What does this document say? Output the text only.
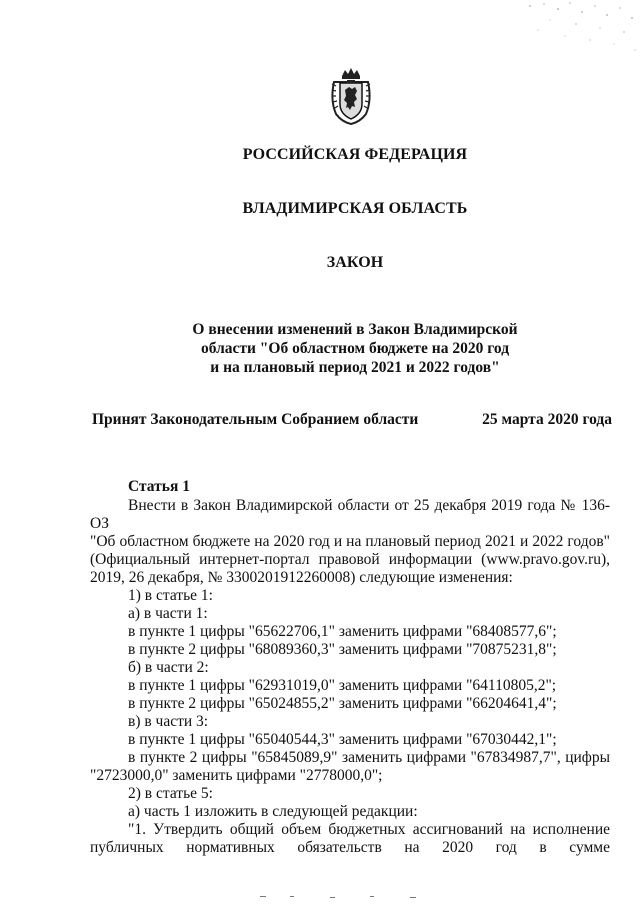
РОССИЙСКАЯ ФЕДЕРАЦИЯ
ВЛАДИМИРСКАЯ ОБЛАСТЬ
ЗАКОН
О внесении изменений в Закон Владимирской
области "Об областном бюджете на 2020 год
и на плановый период 2021 и 2022 годов"
Принят Законодательным Собранием области	25 марта 2020 года
Статья 1

Внести в Закон Владимирской области от 25 декабря 2019 года № 136-ОЗ

"Об областном бюджете на 2020 год и на плановый период 2021 и 2022 годов"

(Официальный интернет-портал правовой информации (www.pravo.gov.ru),

2019, 26 декабря, № 3300201912260008) следующие изменения:

1) в статье 1:

а) в части 1:

в пункте 1 цифры "65622706,1" заменить цифрами "68408577,6";

в пункте 2 цифры "68089360,3" заменить цифрами "70875231,8";

б) в части 2:

в пункте 1 цифры "62931019,0" заменить цифрами "64110805,2";

в пункте 2 цифры "65024855,2" заменить цифрами "66204641,4";

в) в части 3:

в пункте 1 цифры "65040544,3" заменить цифрами "67030442,1";

в пункте 2 цифры "65845089,9" заменить цифрами "67834987,7", цифры

"2723000,0" заменить цифрами "2778000,0";

2) в статье 5:

а) часть 1 изложить в следующей редакции:

"1. Утвердить общий объем бюджетных ассигнований на исполнение

публичных нормативных обязательств на 2020 год в сумме
